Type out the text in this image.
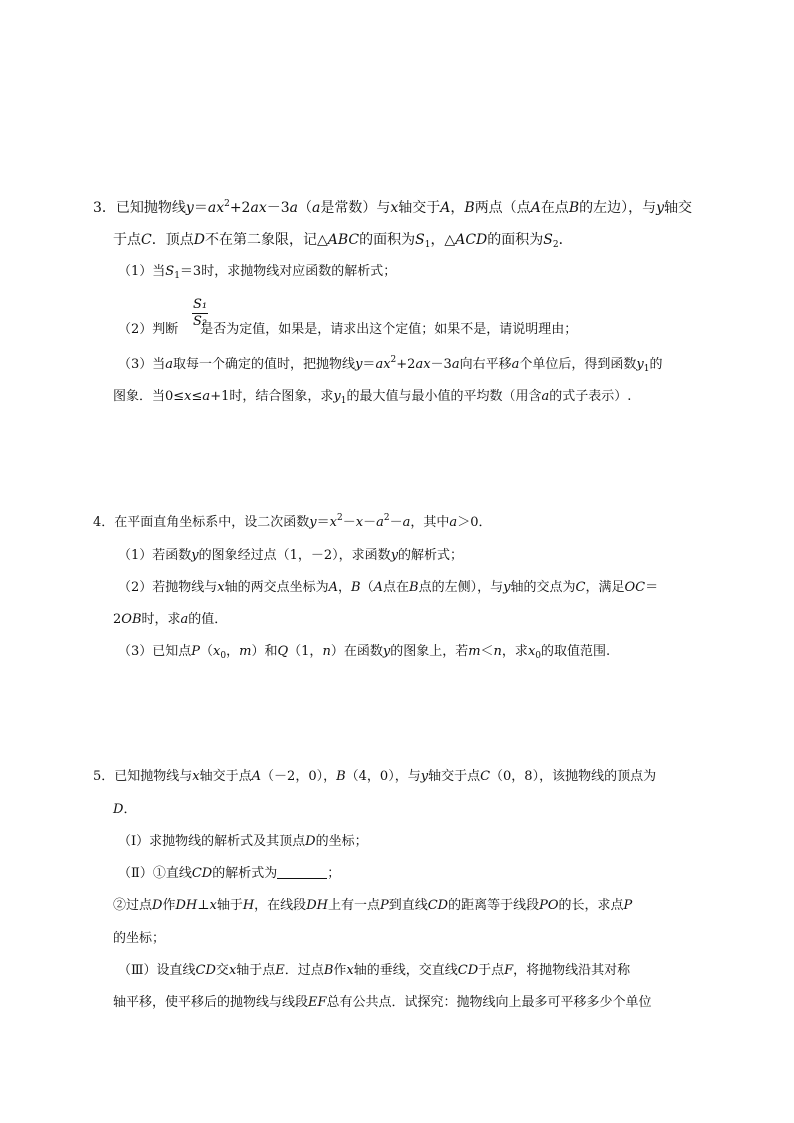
3．已知抛物线$y=ax^2+2ax-3a(a$是常数）与x轴交于A，B两点（点A在点B的左边），与y轴交
于点C．顶点D不在第二象限，记△ABC的面积为$S_1$，△ACD的面积为$S_2$．
（1）当$S_1=3$时，求抛物线对应函数的解析式；
$\frac{\text{S₁}}{\text{S₂}}$
（2）判断 是否为定值，如果是，请求出这个定值；如果不是，请说明理由；
（3）当a取每一个确定的值时，把抛物线$y=ax^2+2ax-3a$向右平移a个单位后，得到函数$y_1$的
图象．当0≤x≤a+1时，结合图象，求$y_1$的最大值与最小值的平均数（用含a的式子表示）.
4．在平面直角坐标系中，设二次函数$y=x^2-x-a^2-a$，其中a＞0．
（1）若函数y的图象经过点（1，－2），求函数y的解析式；
（2）若抛物线与x轴的两交点坐标为A，B（A点在B点的左侧），与y轴的交点为C，满足OC＝
2OB时，求a的值．
（3）已知点$P(x_0$，m）和Q（1，n）在函数y的图象上，若m＜n，求$x_0$的取值范围.
5．已知抛物线与x轴交于点A（－2，0），B（4，0），与y轴交于点C（0，8），该抛物线的顶点为
D．
（Ⅰ）求抛物线的解析式及其顶点D的坐标；
（Ⅱ）①直线CD的解析式为	；
②过点D作DH⊥x轴于H，在线段DH上有一点P到直线CD的距离等于线段PO的长，求点P
的坐标；
（Ⅲ）设直线CD交x轴于点E．过点B作x轴的垂线，交直线CD于点F，将抛物线沿其对称
轴平移，使平移后的抛物线与线段EF总有公共点．试探究：抛物线向上最多可平移多少个单位
